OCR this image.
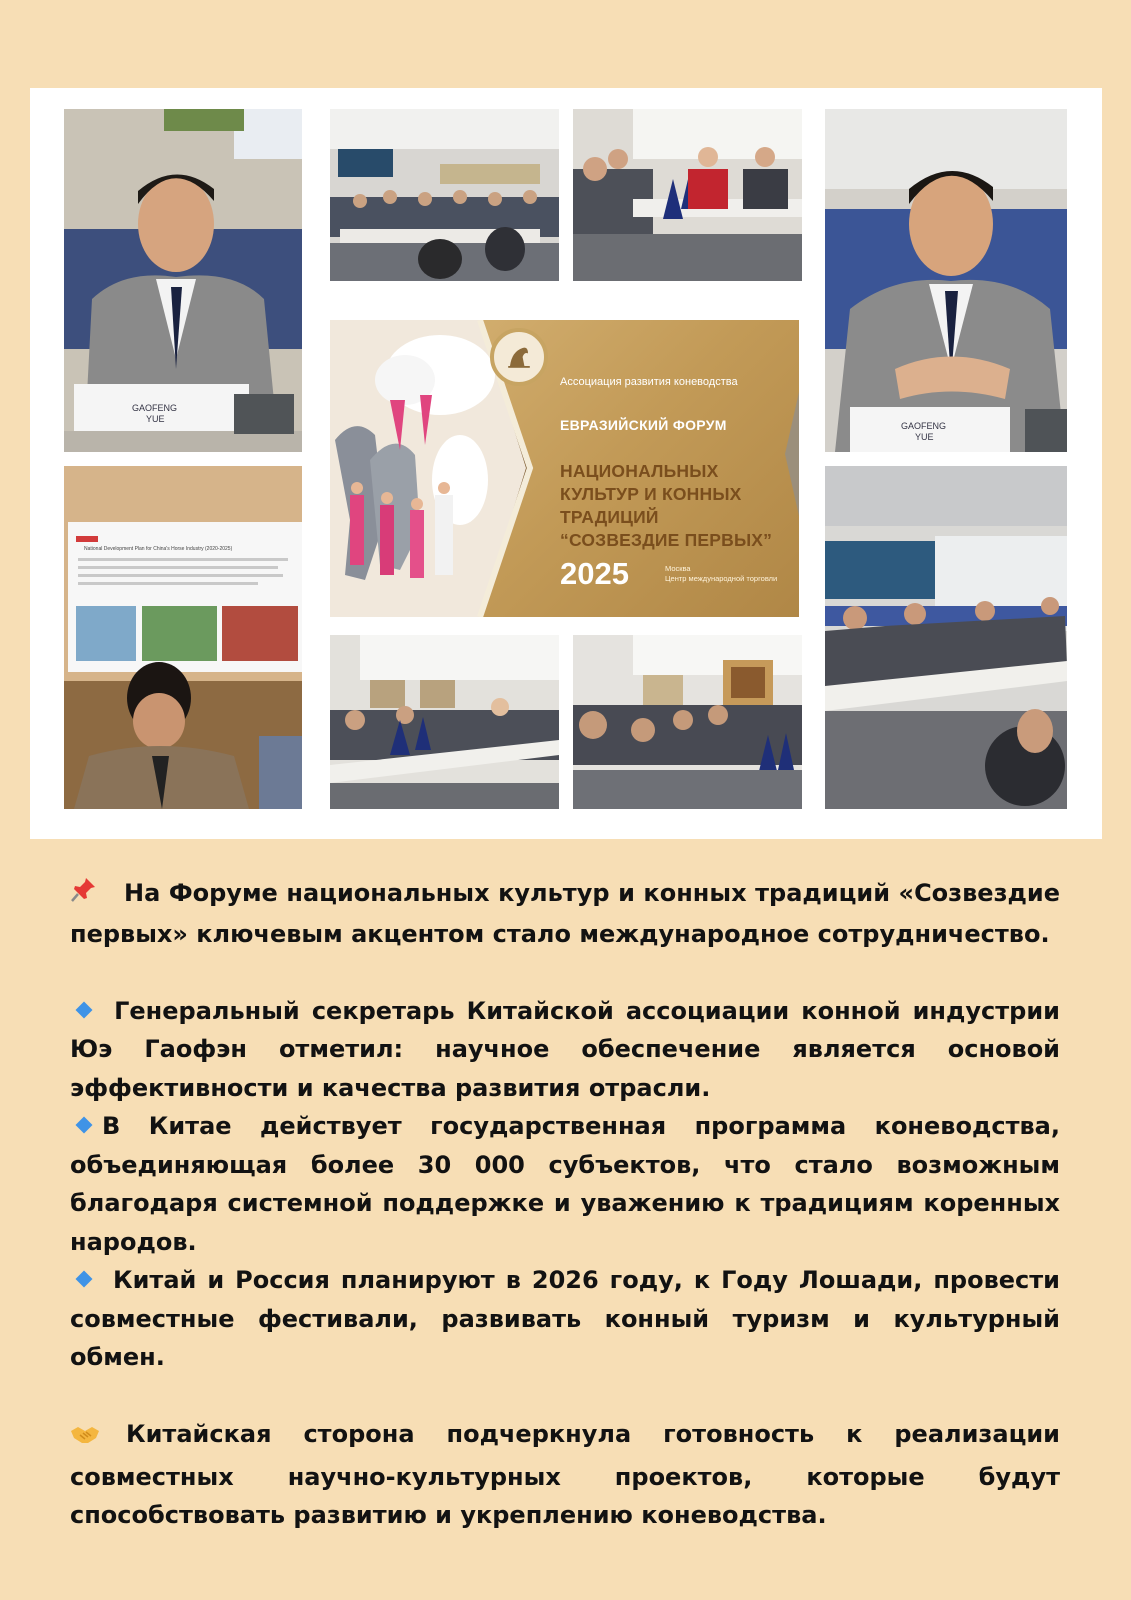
GAOFENG YUE
GAOFENG YUE
National Development Plan for China's Horse Industry (2020-2025)
Ассоциация развития коневодства
ЕВРАЗИЙСКИЙ ФОРУМ
НАЦИОНАЛЬНЫХ
КУЛЬТУР И КОННЫХ
ТРАДИЦИЙ
“СОЗВЕЗДИЕ ПЕРВЫХ”
2025	Москва
Центр международной торговли

На Форуме национальных культур и конных традиций «Созвездие первых» ключевым акцентом стало международное сотрудничество.

Генеральный секретарь Китайской ассоциации конной индустрии Юэ Гаофэн отметил: научное обеспечение является основой эффективности и качества развития отрасли.

В Китае действует государственная программа коневодства, объединяющая более 30 000 субъектов, что стало возможным благодаря системной поддержке и уважению к традициям коренных народов.

Китай и Россия планируют в 2026 году, к Году Лошади, провести совместные фестивали, развивать конный туризм и культурный обмен.

Китайская сторона подчеркнула готовность к реализации совместных научно-культурных проектов, которые будут способствовать развитию и укреплению коневодства.
